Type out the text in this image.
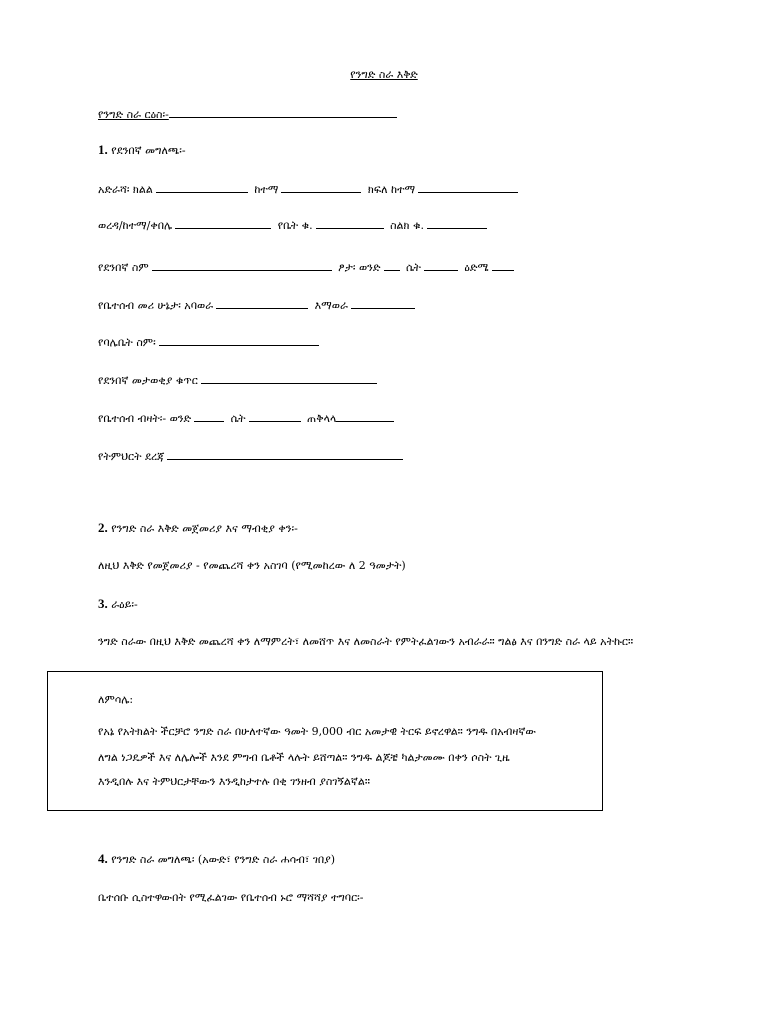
የንግድ ስራ እቅድ
የንግድ ስራ ርዕስ፡-
1. የደንበኛ መግለጫ፡-
አድራሻ፡ ክልል	ከተማ	ክፍለ ከተማ
ወረዳ/ከተማ/ቀበሌ	የቤት ቁ.	ስልክ ቁ.
የደንበኛ ስም	ፆታ፡ ወንድ ሴት	ዕድሜ
የቤተሰብ መሪ ሁኔታ፡ አባወራ	እማወራ
የባሌቤት ስም፡
የደንበኛ መታወቂያ ቁጥር
የቤተሰብ ብዛት፡- ወንድ	ሴት	ጠቅላላ
የትምህርት ደረጃ
2. የንግድ ስራ እቅድ መጀመሪያ እና ማብቂያ ቀን፡-
ለዚህ እቅድ የመጀመሪያ - የመጨረሻ ቀን አስገባ (የሚመከረው ለ 2 ዓመታት)
3. ራዕይ፡-
ንግድ ስራው በዚህ እቅድ መጨረሻ ቀን ለማምረት፣ ለመሸጥ እና ለመስራት የምትፈልገውን አብራራ። ግልፅ እና በንግድ ስራ ላይ አትኩር።
ለምሳሌ:
የአኔ የአትክልት ችርቻሮ ንግድ ስራ በሁለተኛው ዓመት 9,000 ብር አመታዊ ትርፍ ይኖረዋል። ንግዱ በአብዛኛው
ለግል ነጋዴዎች እና ለሌሎች እንደ ምግብ ቤቶች ላሉት ይሸጣል። ንግዱ ልጆቼ ካልታመሙ በቀን ሶስት ጊዜ
እንዲበሉ እና ትምህርታቸውን እንዲከታተሉ በቂ ገንዘብ ያስገኝልኛል።
4. የንግድ ስራ መግለጫ፡ (አውድ፣ የንግድ ስራ ሐሳብ፣ ገበያ)
ቤተሰቡ ሲስተዋውበት የሚፈልገው የቤተሰብ ኑሮ ማሻሻያ ተግባር፡-
